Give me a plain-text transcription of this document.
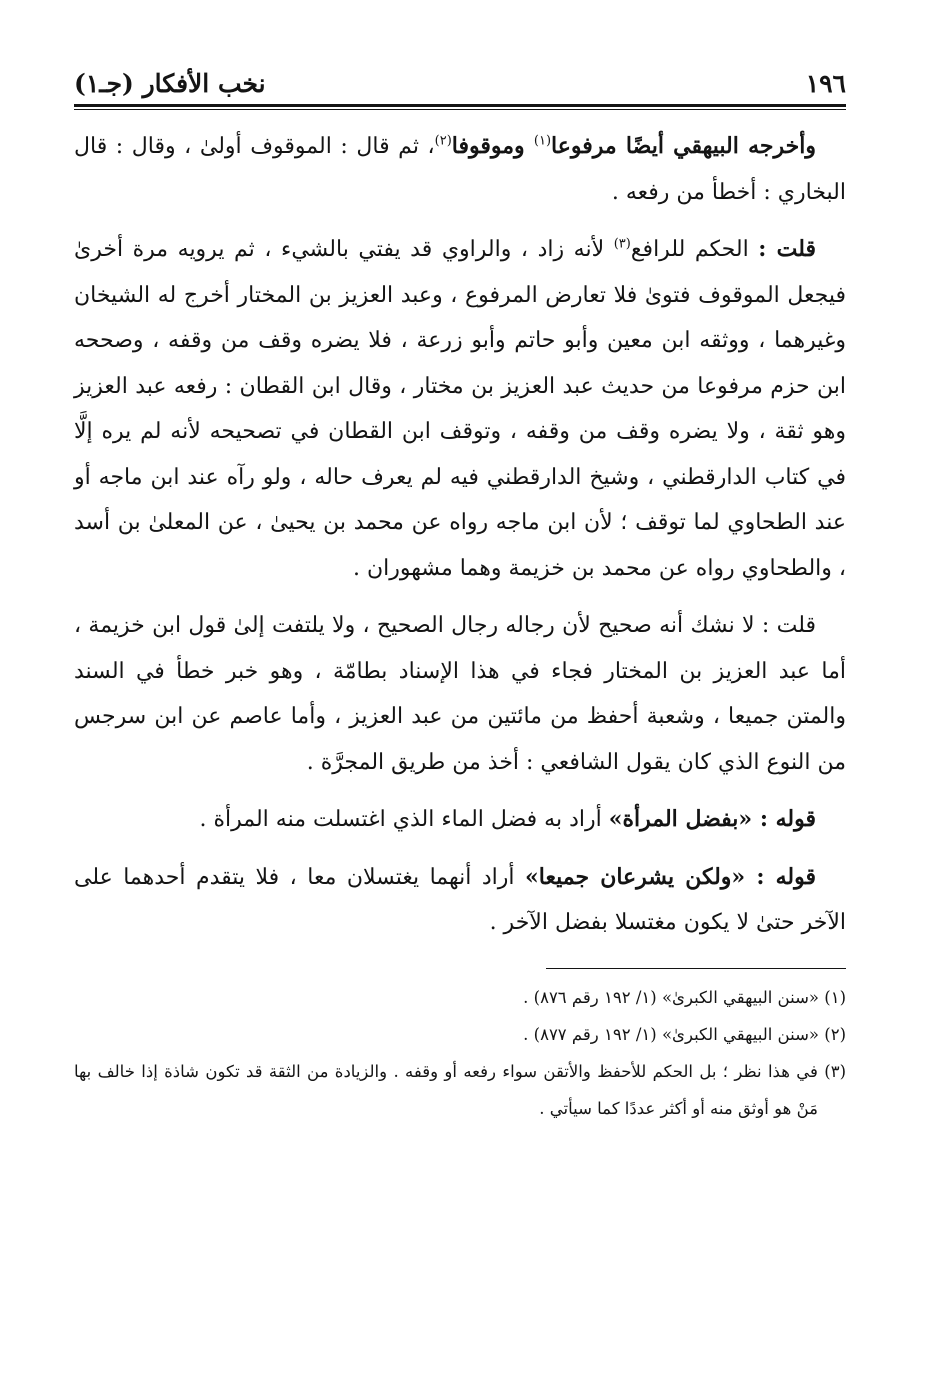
١٩٦
نخب الأفكار (جـ١)

وأخرجه البيهقي أيضًا مرفوعا$^{(١)}$ وموقوفا$^{(٢)}$، ثم قال : الموقوف أولىٰ ، وقال : قال البخاري : أخطأ من رفعه .

قلت : الحكم للرافع$^{(٣)}$ لأنه زاد ، والراوي قد يفتي بالشيء ، ثم يرويه مرة أخرىٰ فيجعل الموقوف فتوىٰ فلا تعارض المرفوع ، وعبد العزيز بن المختار أخرج له الشيخان وغيرهما ، ووثقه ابن معين وأبو حاتم وأبو زرعة ، فلا يضره وقف من وقفه ، وصححه ابن حزم مرفوعا من حديث عبد العزيز بن مختار ، وقال ابن القطان : رفعه عبد العزيز وهو ثقة ، ولا يضره وقف من وقفه ، وتوقف ابن القطان في تصحيحه لأنه لم يره إلَّا في كتاب الدارقطني ، وشيخ الدارقطني فيه لم يعرف حاله ، ولو رآه عند ابن ماجه أو عند الطحاوي لما توقف ؛ لأن ابن ماجه رواه عن محمد بن يحيىٰ ، عن المعلىٰ بن أسد ، والطحاوي رواه عن محمد بن خزيمة وهما مشهوران .

قلت : لا نشك أنه صحيح لأن رجاله رجال الصحيح ، ولا يلتفت إلىٰ قول ابن خزيمة ، أما عبد العزيز بن المختار فجاء في هذا الإسناد بطامّة ، وهو خبر خطأ في السند والمتن جميعا ، وشعبة أحفظ من مائتين من عبد العزيز ، وأما عاصم عن ابن سرجس من النوع الذي كان يقول الشافعي : أخذ من طريق المجرَّة .

قوله : «بفضل المرأة» أراد به فضل الماء الذي اغتسلت منه المرأة .

قوله : «ولكن يشرعان جميعا» أراد أنهما يغتسلان معا ، فلا يتقدم أحدهما على الآخر حتىٰ لا يكون مغتسلا بفضل الآخر .

(١) «سنن البيهقي الكبرىٰ» (١/ ١٩٢ رقم ٨٧٦) .

(٢) «سنن البيهقي الكبرىٰ» (١/ ١٩٢ رقم ٨٧٧) .

(٣) في هذا نظر ؛ بل الحكم للأحفظ والأتقن سواء رفعه أو وقفه . والزيادة من الثقة قد تكون شاذة إذا خالف بها مَنْ هو أوثق منه أو أكثر عددًا كما سيأتي .
